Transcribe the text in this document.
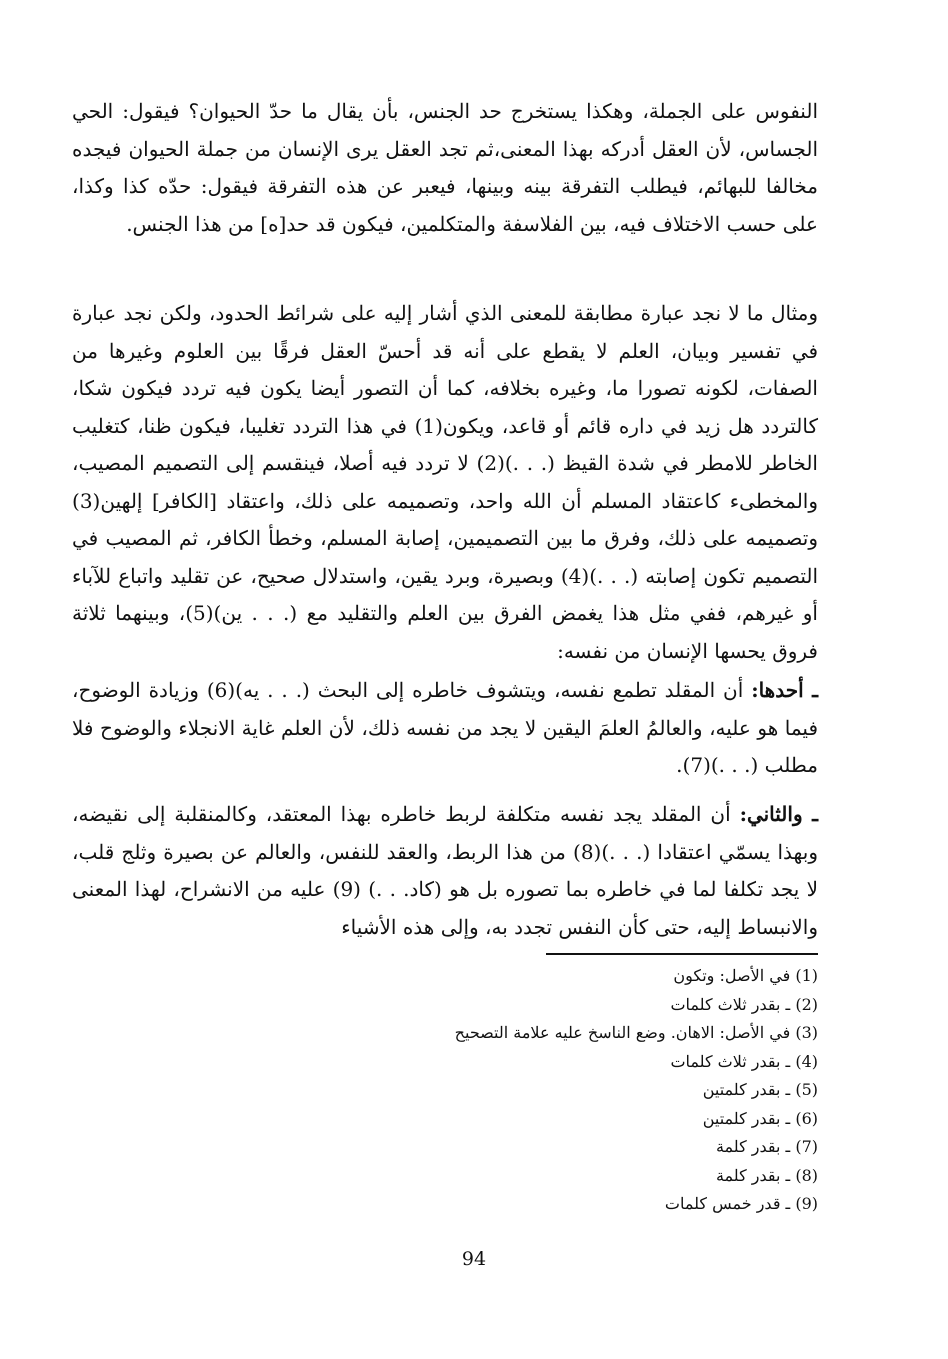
النفوس على الجملة، وهكذا يستخرج حد الجنس، بأن يقال ما حدّ الحيوان؟ فيقول: الحي الجساس، لأن العقل أدركه بهذا المعنى،ثم تجد العقل يرى الإنسان من جملة الحيوان فيجده مخالفا للبهائم، فيطلب التفرقة بينه وبينها، فيعبر عن هذه التفرقة فيقول: حدّه كذا وكذا، على حسب الاختلاف فيه، بين الفلاسفة والمتكلمين، فيكون قد حد[ه] من هذا الجنس.

ومثال ما لا نجد عبارة مطابقة للمعنى الذي أشار إليه على شرائط الحدود، ولكن نجد عبارة في تفسير وبيان، العلم لا يقطع على أنه قد أحسّ العقل فرقًا بين العلوم وغيرها من الصفات، لكونه تصورا ما، وغيره بخلافه، كما أن التصور أيضا يكون فيه تردد فيكون شكا، كالتردد هل زيد في داره قائم أو قاعد، ويكون(1) في هذا التردد تغليبا، فيكون ظنا، كتغليب الخاطر للامطر في شدة القيظ (. . .)(2) لا تردد فيه أصلا، فينقسم إلى التصميم المصيب، والمخطىء كاعتقاد المسلم أن الله واحد، وتصميمه على ذلك، واعتقاد [الكافر] إلهين(3) وتصميمه على ذلك، وفرق ما بين التصميمين، إصابة المسلم، وخطأ الكافر، ثم المصيب في التصميم تكون إصابته (. . .)(4) وبصيرة، وبرد يقين، واستدلال صحيح، عن تقليد واتباع للآباء أو غيرهم، ففي مثل هذا يغمض الفرق بين العلم والتقليد مع (. . . ين)(5)، وبينهما ثلاثة فروق يحسها الإنسان من نفسه:

ـ أحدها: أن المقلد تطمع نفسه، ويتشوف خاطره إلى البحث (. . . يه)(6) وزيادة الوضوح، فيما هو عليه، والعالمُ العلمَ اليقين لا يجد من نفسه ذلك، لأن العلم غاية الانجلاء والوضوح فلا مطلب (. . .)(7).

ـ والثاني: أن المقلد يجد نفسه متكلفة لربط خاطره بهذا المعتقد، وكالمنقلبة إلى نقيضه، وبهذا يسمّي اعتقادا (. . .)(8) من هذا الربط، والعقد للنفس، والعالم عن بصيرة وثلج قلب، لا يجد تكلفا لما في خاطره بما تصوره بل هو (كاد. . .) (9) عليه من الانشراح، لهذا المعنى والانبساط إليه، حتى كأن النفس تجدد به، وإلى هذه الأشياء

(1) في الأصل: وتكون
(2) ـ بقدر ثلاث كلمات
(3) في الأصل: الاهان. وضع الناسخ عليه علامة التصحيح
(4) ـ بقدر ثلاث كلمات
(5) ـ بقدر كلمتين
(6) ـ بقدر كلمتين
(7) ـ بقدر كلمة
(8) ـ بقدر كلمة
(9) ـ قدر خمس كلمات
94
